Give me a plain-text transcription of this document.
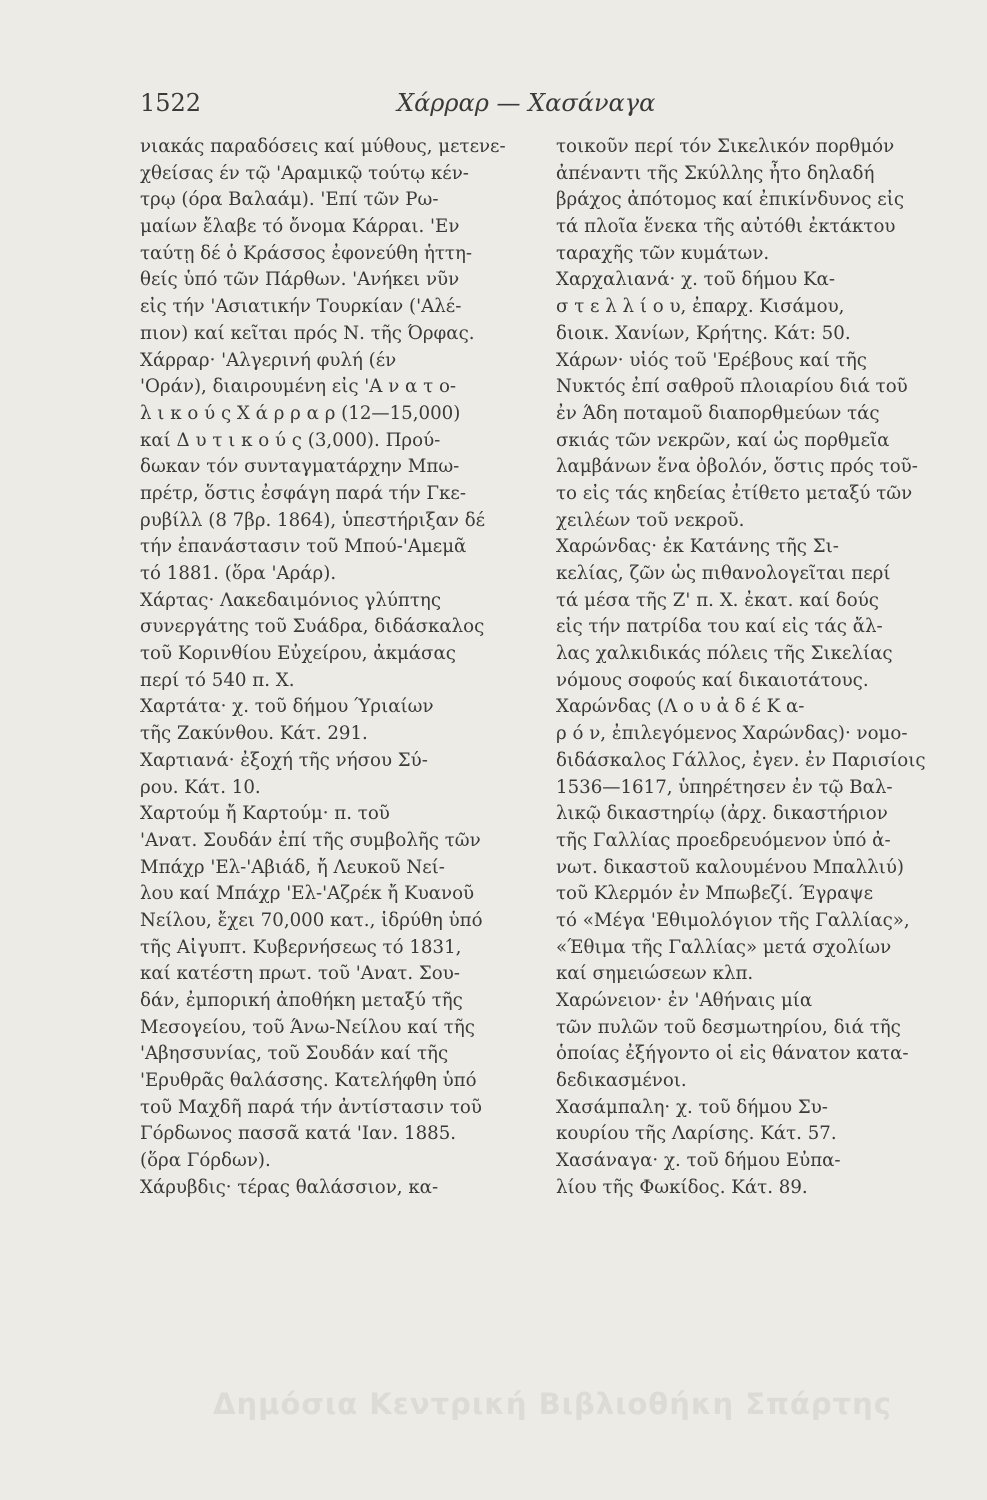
1522	Χάρραρ — Χασάναγα
νιακάς παραδόσεις καί μύθους, μετενε-
χθείσας έν τῷ 'Αραμικῷ τούτῳ κέν-
τρῳ (όρα Βαλαάμ). 'Επί τῶν Ρω-
μαίων ἔλαβε τό ὄνομα Κάρραι. 'Εν
ταύτῃ δέ ὁ Κράσσος ἐφονεύθη ἡττη-
θείς ὑπό τῶν Πάρθων. 'Ανήκει νῦν
εἰς τήν 'Ασιατικήν Τουρκίαν ('Αλέ-
πιον) καί κεῖται πρός Ν. τῆς Όρφας.
Χάρραρ· 'Αλγερινή φυλή (έν
'Οράν), διαιρουμένη εἰς 'Α ν α τ ο-
λ ι κ ο ύ ς Χ ά ρ ρ α ρ (12—15,000)
καί Δ υ τ ι κ ο ύ ς (3,000). Πρού-
δωκαν τόν συνταγματάρχην Μπω-
πρέτρ, ὅστις ἐσφάγη παρά τήν Γκε-
ρυβίλλ (8 7βρ. 1864), ὑπεστήριξαν δέ
τήν ἐπανάστασιν τοῦ Μπού-'Αμεμᾶ
τό 1881. (ὅρα 'Αράρ).
Χάρτας· Λακεδαιμόνιος γλύπτης
συνεργάτης τοῦ Συάδρα, διδάσκαλος
τοῦ Κορινθίου Εὐχείρου, ἀκμάσας
περί τό 540 π. Χ.
Χαρτάτα· χ. τοῦ δήμου Ύριαίων
τῆς Ζακύνθου. Κάτ. 291.
Χαρτιανά· ἐξοχή τῆς νήσου Σύ-
ρου. Κάτ. 10.
Χαρτούμ ἤ Καρτούμ· π. τοῦ
'Ανατ. Σουδάν ἐπί τῆς συμβολῆς τῶν
Μπάχρ 'Ελ-'Αβιάδ, ἤ Λευκοῦ Νεί-
λου καί Μπάχρ 'Ελ-'Αζρέκ ἤ Κυανοῦ
Νείλου, ἔχει 70,000 κατ., ἱδρύθη ὑπό
τῆς Αἰγυπτ. Κυβερνήσεως τό 1831,
καί κατέστη πρωτ. τοῦ 'Ανατ. Σου-
δάν, ἐμπορική ἀποθήκη μεταξύ τῆς
Μεσογείου, τοῦ Άνω-Νείλου καί τῆς
'Αβησσυνίας, τοῦ Σουδάν καί τῆς
'Ερυθρᾶς θαλάσσης. Κατελήφθη ὑπό
τοῦ Μαχδῆ παρά τήν ἀντίστασιν τοῦ
Γόρδωνος πασσᾶ κατά 'Ιαν. 1885.
(ὅρα Γόρδων).
Χάρυβδις· τέρας θαλάσσιον, κα-
τοικοῦν περί τόν Σικελικόν πορθμόν
ἀπέναντι τῆς Σκύλλης ἦτο δηλαδή
βράχος ἀπότομος καί ἐπικίνδυνος εἰς
τά πλοῖα ἕνεκα τῆς αὐτόθι ἐκτάκτου
ταραχῆς τῶν κυμάτων.
Χαρχαλιανά· χ. τοῦ δήμου Κα-
σ τ ε λ λ ί ο υ, ἐπαρχ. Κισάμου,
διοικ. Χανίων, Κρήτης. Κάτ: 50.
Χάρων· υἱός τοῦ 'Ερέβους καί τῆς
Νυκτός ἐπί σαθροῦ πλοιαρίου διά τοῦ
ἐν Άδη ποταμοῦ διαπορθμεύων τάς
σκιάς τῶν νεκρῶν, καί ὡς πορθμεῖα
λαμβάνων ἕνα ὀβολόν, ὅστις πρός τοῦ-
το εἰς τάς κηδείας ἐτίθετο μεταξύ τῶν
χειλέων τοῦ νεκροῦ.
Χαρώνδας· ἐκ Κατάνης τῆς Σι-
κελίας, ζῶν ὡς πιθανολογεῖται περί
τά μέσα τῆς Ζ' π. Χ. ἐκατ. καί δούς
εἰς τήν πατρίδα του καί εἰς τάς ἄλ-
λας χαλκιδικάς πόλεις τῆς Σικελίας
νόμους σοφούς καί δικαιοτάτους.
Χαρώνδας (Λ ο υ ἀ δ έ Κ α-
ρ ό ν, ἐπιλεγόμενος Χαρώνδας)· νομο-
διδάσκαλος Γάλλος, ἐγεν. ἐν Παρισίοις
1536—1617, ὑπηρέτησεν ἐν τῷ Βαλ-
λικῷ δικαστηρίῳ (ἀρχ. δικαστήριον
τῆς Γαλλίας προεδρευόμενον ὑπό ἀ-
νωτ. δικαστοῦ καλουμένου Μπαλλιύ)
τοῦ Κλερμόν ἐν Μπωβεζί. Έγραψε
τό «Μέγα 'Εθιμολόγιον τῆς Γαλλίας»,
«Έθιμα τῆς Γαλλίας» μετά σχολίων
καί σημειώσεων κλπ.
Χαρώνειον· ἐν 'Αθήναις μία
τῶν πυλῶν τοῦ δεσμωτηρίου, διά τῆς
ὁποίας ἐξήγοντο οἱ εἰς θάνατον κατα-
δεδικασμένοι.
Χασάμπαλη· χ. τοῦ δήμου Συ-
κουρίου τῆς Λαρίσης. Κάτ. 57.
Χασάναγα· χ. τοῦ δήμου Εὐπα-
λίου τῆς Φωκίδος. Κάτ. 89.
Δημόσια Κεντρική Βιβλιοθήκη Σπάρτης
